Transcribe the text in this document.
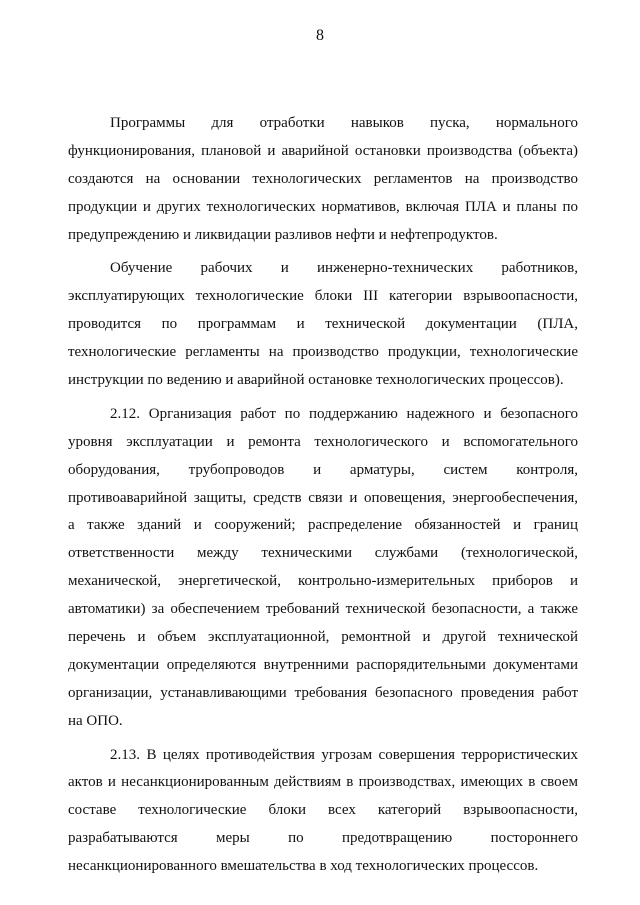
8
Программы для отработки навыков пуска, нормального
функционирования, плановой и аварийной остановки производства (объекта)
создаются на основании технологических регламентов на производство
продукции и других технологических нормативов, включая ПЛА и планы по
предупреждению и ликвидации разливов нефти и нефтепродуктов.
Обучение рабочих и инженерно-технических работников,
эксплуатирующих технологические блоки III категории взрывоопасности,
проводится по программам и технической документации (ПЛА,
технологические регламенты на производство продукции, технологические
инструкции по ведению и аварийной остановке технологических процессов).
2.12. Организация работ по поддержанию надежного и безопасного
уровня эксплуатации и ремонта технологического и вспомогательного
оборудования, трубопроводов и арматуры, систем контроля,
противоаварийной защиты, средств связи и оповещения, энергообеспечения,
а также зданий и сооружений; распределение обязанностей и границ
ответственности между техническими службами (технологической,
механической, энергетической, контрольно-измерительных приборов и
автоматики) за обеспечением требований технической безопасности, а также
перечень и объем эксплуатационной, ремонтной и другой технической
документации определяются внутренними распорядительными документами
организации, устанавливающими требования безопасного проведения работ
на ОПО.
2.13. В целях противодействия угрозам совершения террористических
актов и несанкционированным действиям в производствах, имеющих в своем
составе технологические блоки всех категорий взрывоопасности,
разрабатываются меры по предотвращению постороннего
несанкционированного вмешательства в ход технологических процессов.
